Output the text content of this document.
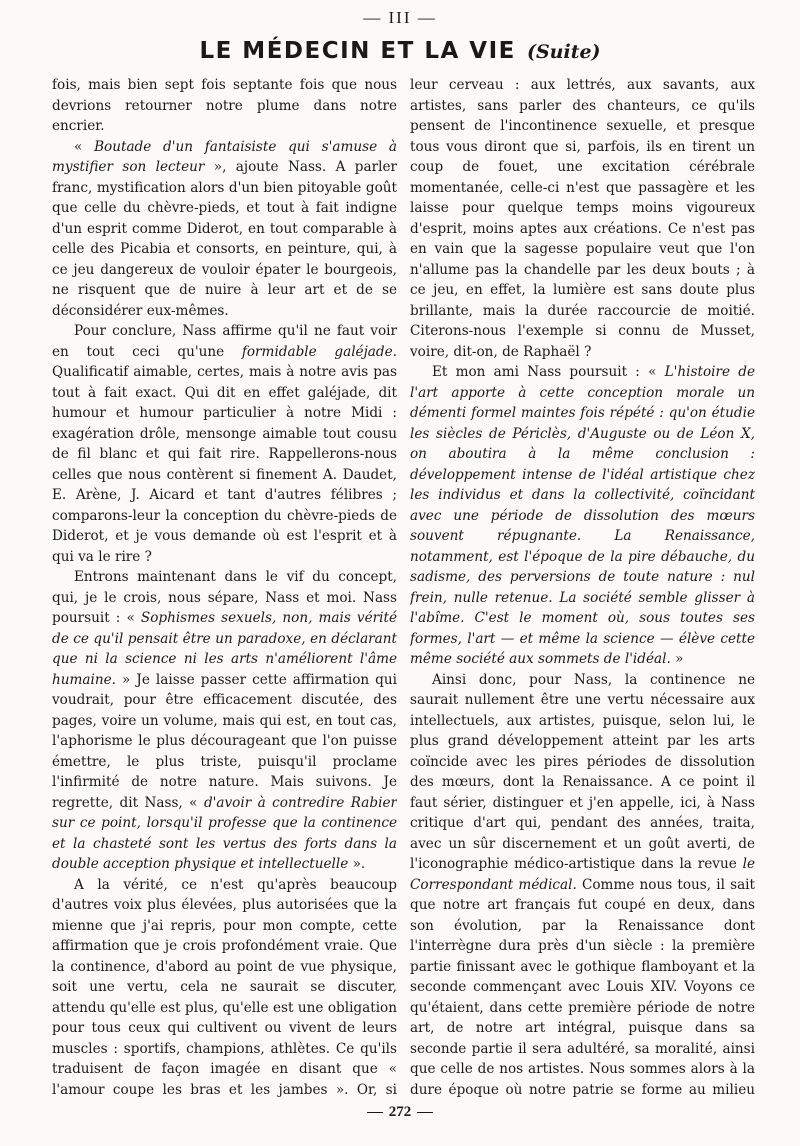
— III —
LE MÉDECIN ET LA VIE (Suite)

fois, mais bien sept fois septante fois que nous devrions retourner notre plume dans notre encrier.

« Boutade d'un fantaisiste qui s'amuse à mystifier son lecteur », ajoute Nass. A parler franc, mystification alors d'un bien pitoyable goût que celle du chèvre-pieds, et tout à fait indigne d'un esprit comme Diderot, en tout comparable à celle des Picabia et consorts, en peinture, qui, à ce jeu dangereux de vouloir épater le bourgeois, ne risquent que de nuire à leur art et de se déconsidérer eux-mêmes.

Pour conclure, Nass affirme qu'il ne faut voir en tout ceci qu'une formidable galéjade. Qualificatif aimable, certes, mais à notre avis pas tout à fait exact. Qui dit en effet galéjade, dit humour et humour particulier à notre Midi : exagération drôle, mensonge aimable tout cousu de fil blanc et qui fait rire. Rappellerons-nous celles que nous contèrent si finement A. Daudet, E. Arène, J. Aicard et tant d'autres félibres ; comparons-leur la conception du chèvre-pieds de Diderot, et je vous demande où est l'esprit et à qui va le rire ?

Entrons maintenant dans le vif du concept, qui, je le crois, nous sépare, Nass et moi. Nass poursuit : « Sophismes sexuels, non, mais vérité de ce qu'il pensait être un paradoxe, en déclarant que ni la science ni les arts n'améliorent l'âme humaine. » Je laisse passer cette affirmation qui voudrait, pour être efficacement discutée, des pages, voire un volume, mais qui est, en tout cas, l'aphorisme le plus décourageant que l'on puisse émettre, le plus triste, puisqu'il proclame l'infirmité de notre nature. Mais suivons. Je regrette, dit Nass, « d'avoir à contredire Rabier sur ce point, lorsqu'il professe que la continence et la chasteté sont les vertus des forts dans la double acception physique et intellectuelle ».

A la vérité, ce n'est qu'après beaucoup d'autres voix plus élevées, plus autorisées que la mienne que j'ai repris, pour mon compte, cette affirmation que je crois profondément vraie. Que la continence, d'abord au point de vue physique, soit une vertu, cela ne saurait se discuter, attendu qu'elle est plus, qu'elle est une obligation pour tous ceux qui cultivent ou vivent de leurs muscles : sportifs, champions, athlètes. Ce qu'ils traduisent de façon imagée en disant que « l'amour coupe les bras et les jambes ». Or, si

leur cerveau : aux lettrés, aux savants, aux artistes, sans parler des chanteurs, ce qu'ils pensent de l'incontinence sexuelle, et presque tous vous diront que si, parfois, ils en tirent un coup de fouet, une excitation cérébrale momentanée, celle-ci n'est que passagère et les laisse pour quelque temps moins vigoureux d'esprit, moins aptes aux créations. Ce n'est pas en vain que la sagesse populaire veut que l'on n'allume pas la chandelle par les deux bouts ; à ce jeu, en effet, la lumière est sans doute plus brillante, mais la durée raccourcie de moitié. Citerons-nous l'exemple si connu de Musset, voire, dit-on, de Raphaël ?

Et mon ami Nass poursuit : « L'histoire de l'art apporte à cette conception morale un démenti formel maintes fois répété : qu'on étudie les siècles de Périclès, d'Auguste ou de Léon X, on aboutira à la même conclusion : développement intense de l'idéal artistique chez les individus et dans la collectivité, coïncidant avec une période de dissolution des mœurs souvent répugnante. La Renaissance, notamment, est l'époque de la pire débauche, du sadisme, des perversions de toute nature : nul frein, nulle retenue. La société semble glisser à l'abîme. C'est le moment où, sous toutes ses formes, l'art — et même la science — élève cette même société aux sommets de l'idéal. »

Ainsi donc, pour Nass, la continence ne saurait nullement être une vertu nécessaire aux intellectuels, aux artistes, puisque, selon lui, le plus grand développement atteint par les arts coïncide avec les pires périodes de dissolution des mœurs, dont la Renaissance. A ce point il faut sérier, distinguer et j'en appelle, ici, à Nass critique d'art qui, pendant des années, traita, avec un sûr discernement et un goût averti, de l'iconographie médico-artistique dans la revue le Correspondant médical. Comme nous tous, il sait que notre art français fut coupé en deux, dans son évolution, par la Renaissance dont l'interrègne dura près d'un siècle : la première partie finissant avec le gothique flamboyant et la seconde commençant avec Louis XIV. Voyons ce qu'étaient, dans cette première période de notre art, de notre art intégral, puisque dans sa seconde partie il sera adultéré, sa moralité, ainsi que celle de nos artistes. Nous sommes alors à la dure époque où notre patrie se forme au milieu

272
